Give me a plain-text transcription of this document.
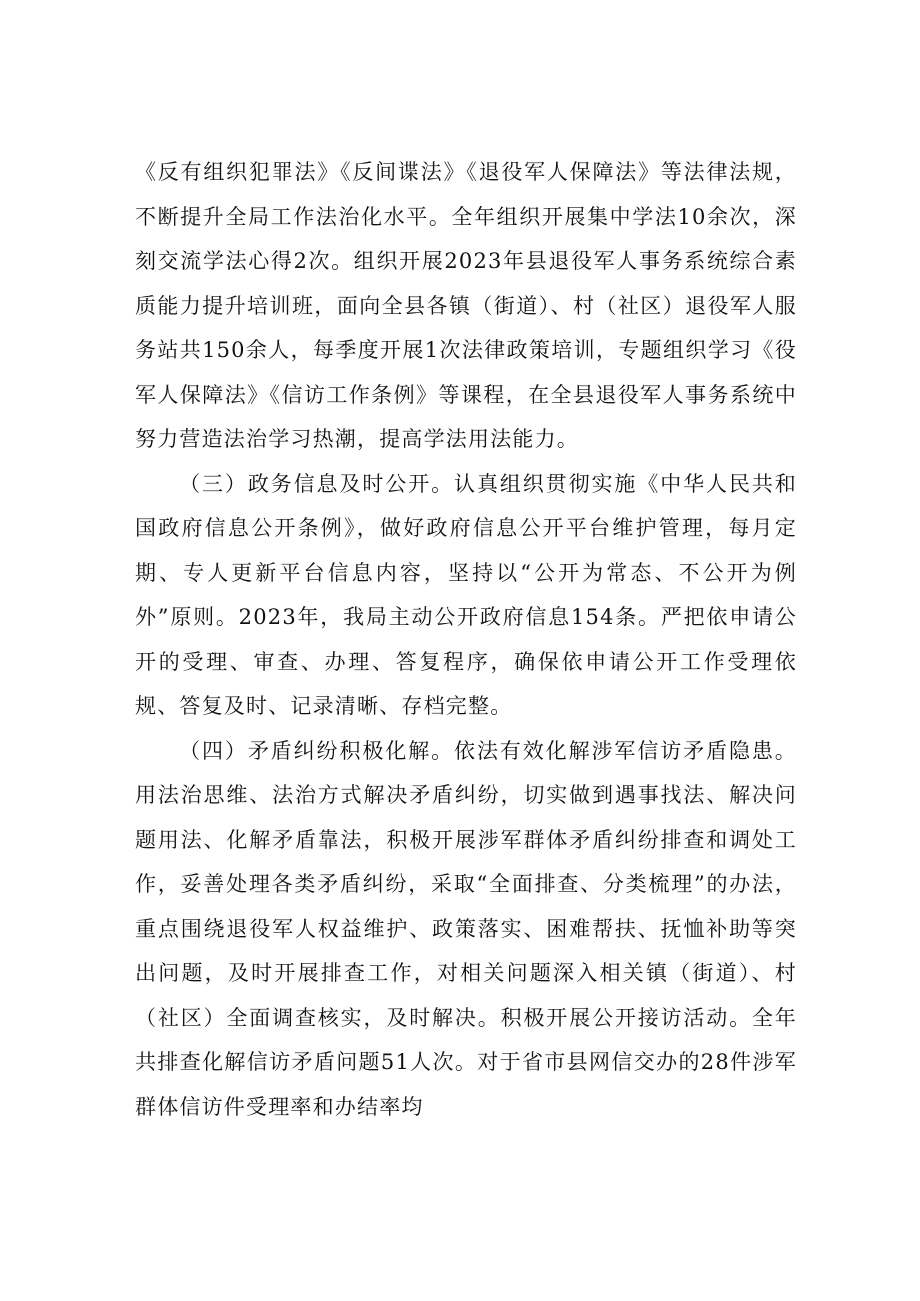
《反有组织犯罪法》《反间谍法》《退役军人保障法》等法律法规，不断提升全局工作法治化水平。全年组织开展集中学法10余次，深刻交流学法心得2次。组织开展2023年县退役军人事务系统综合素质能力提升培训班，面向全县各镇（街道）、村（社区）退役军人服务站共150余人，每季度开展1次法律政策培训，专题组织学习《役军人保障法》《信访工作条例》等课程，在全县退役军人事务系统中努力营造法治学习热潮，提高学法用法能力。

（三）政务信息及时公开。认真组织贯彻实施《中华人民共和国政府信息公开条例》，做好政府信息公开平台维护管理，每月定期、专人更新平台信息内容，坚持以“公开为常态、不公开为例外”原则。2023年，我局主动公开政府信息154条。严把依申请公开的受理、审查、办理、答复程序，确保依申请公开工作受理依规、答复及时、记录清晰、存档完整。

（四）矛盾纠纷积极化解。依法有效化解涉军信访矛盾隐患。用法治思维、法治方式解决矛盾纠纷，切实做到遇事找法、解决问题用法、化解矛盾靠法，积极开展涉军群体矛盾纠纷排查和调处工作，妥善处理各类矛盾纠纷，采取“全面排查、分类梳理”的办法，重点围绕退役军人权益维护、政策落实、困难帮扶、抚恤补助等突出问题，及时开展排查工作，对相关问题深入相关镇（街道）、村（社区）全面调查核实，及时解决。积极开展公开接访活动。全年共排查化解信访矛盾问题51人次。对于省市县网信交办的28件涉军群体信访件受理率和办结率均
